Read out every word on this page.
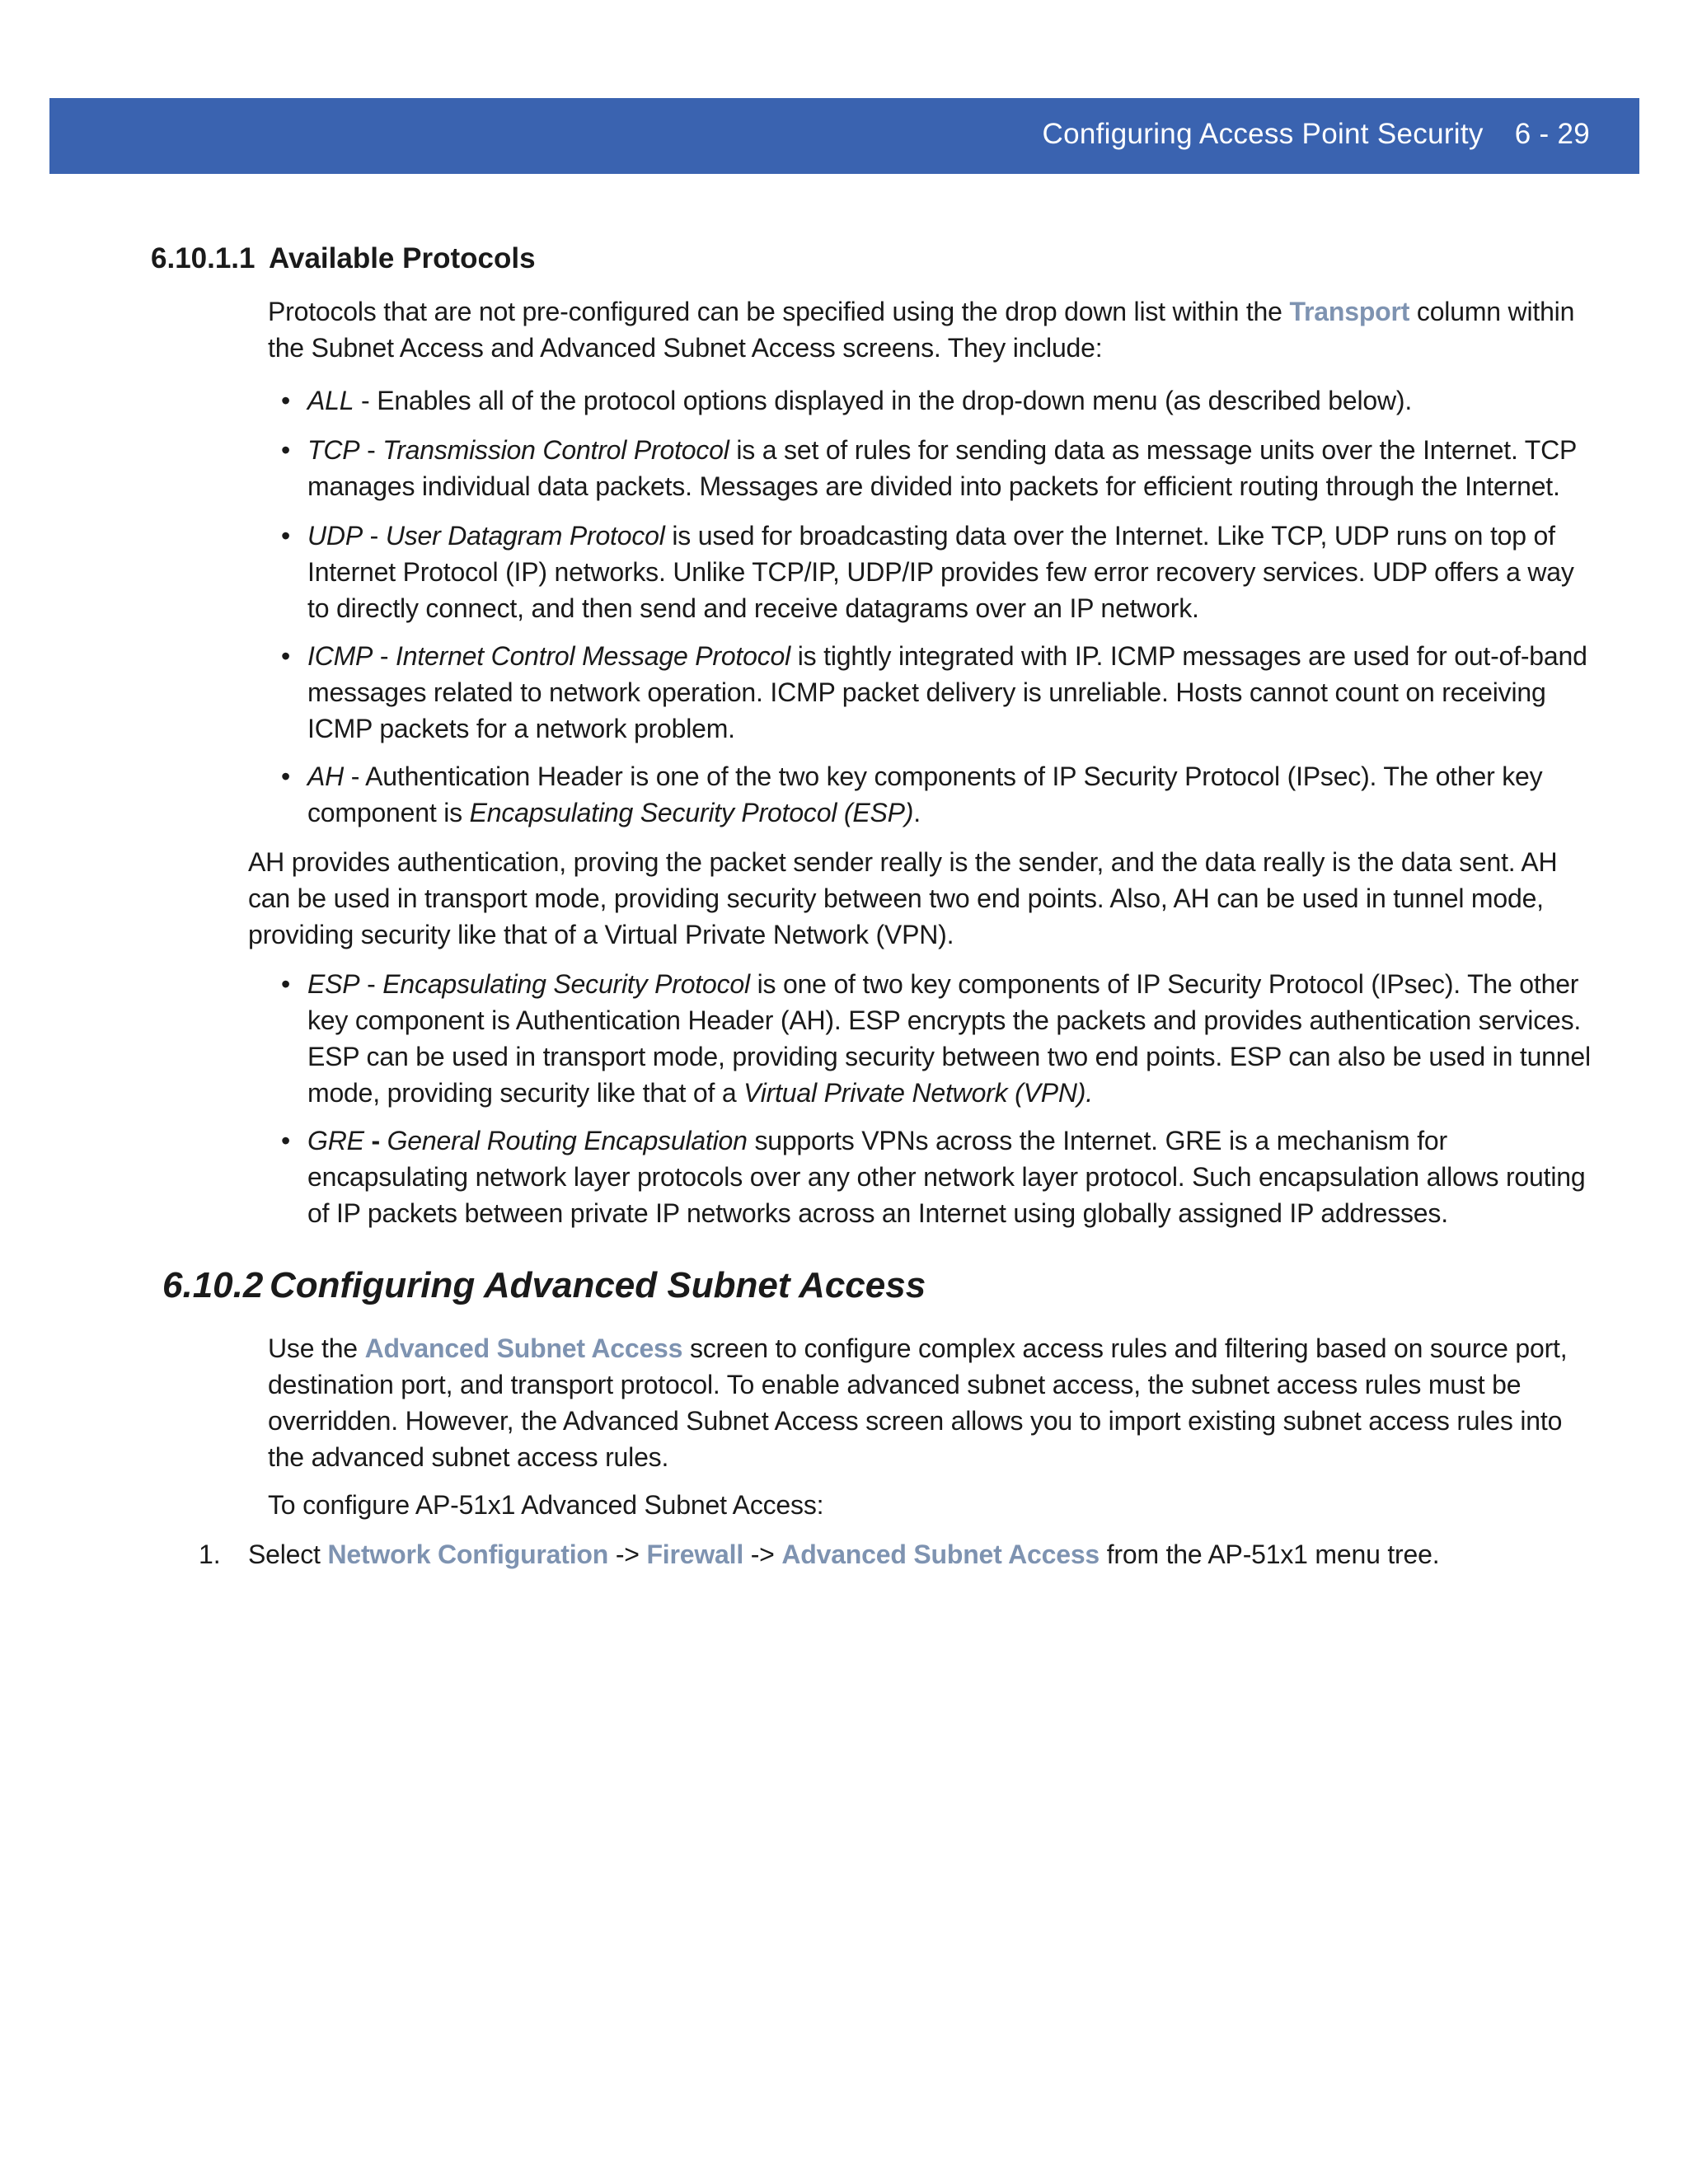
Configuring Access Point Security 6 - 29
6.10.1.1 Available Protocols

Protocols that are not pre-configured can be specified using the drop down list within the Transport column within the Subnet Access and Advanced Subnet Access screens. They include:

• ALL - Enables all of the protocol options displayed in the drop-down menu (as described below).

• TCP - Transmission Control Protocol is a set of rules for sending data as message units over the Internet. TCP manages individual data packets. Messages are divided into packets for efficient routing through the Internet.

• UDP - User Datagram Protocol is used for broadcasting data over the Internet. Like TCP, UDP runs on top of Internet Protocol (IP) networks. Unlike TCP/IP, UDP/IP provides few error recovery services. UDP offers a way to directly connect, and then send and receive datagrams over an IP network.

• ICMP - Internet Control Message Protocol is tightly integrated with IP. ICMP messages are used for out-of-band messages related to network operation. ICMP packet delivery is unreliable. Hosts cannot count on receiving ICMP packets for a network problem.

• AH - Authentication Header is one of the two key components of IP Security Protocol (IPsec). The other key component is Encapsulating Security Protocol (ESP).

AH provides authentication, proving the packet sender really is the sender, and the data really is the data sent. AH can be used in transport mode, providing security between two end points. Also, AH can be used in tunnel mode, providing security like that of a Virtual Private Network (VPN).

• ESP - Encapsulating Security Protocol is one of two key components of IP Security Protocol (IPsec). The other key component is Authentication Header (AH). ESP encrypts the packets and provides authentication services. ESP can be used in transport mode, providing security between two end points. ESP can also be used in tunnel mode, providing security like that of a Virtual Private Network (VPN).

• GRE - General Routing Encapsulation supports VPNs across the Internet. GRE is a mechanism for encapsulating network layer protocols over any other network layer protocol. Such encapsulation allows routing of IP packets between private IP networks across an Internet using globally assigned IP addresses.

6.10.2 Configuring Advanced Subnet Access

Use the Advanced Subnet Access screen to configure complex access rules and filtering based on source port, destination port, and transport protocol. To enable advanced subnet access, the subnet access rules must be overridden. However, the Advanced Subnet Access screen allows you to import existing subnet access rules into the advanced subnet access rules.

To configure AP-51x1 Advanced Subnet Access:

1. Select Network Configuration -> Firewall -> Advanced Subnet Access from the AP-51x1 menu tree.
